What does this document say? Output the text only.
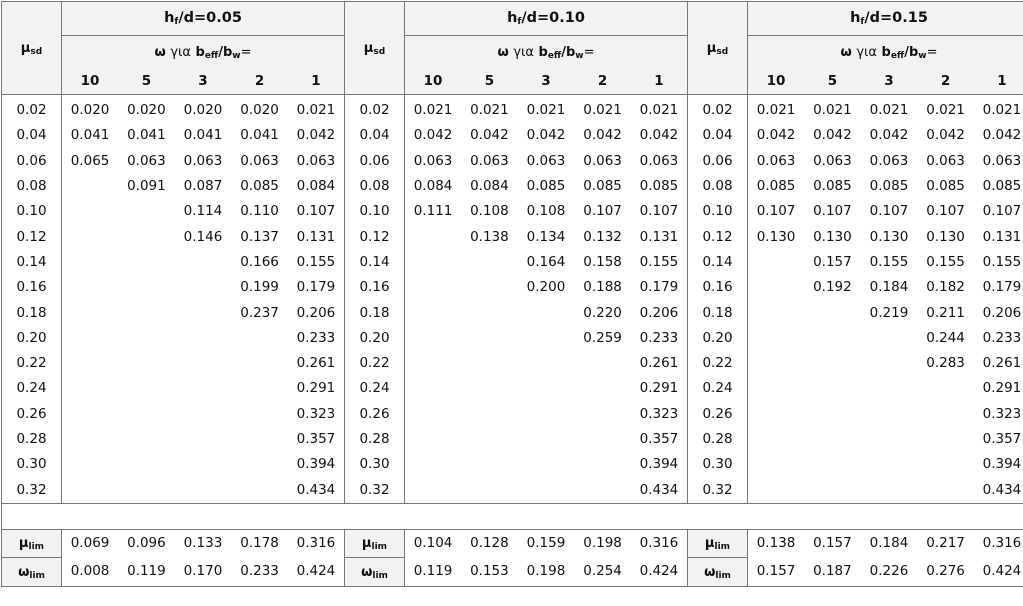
$\mu_{sd}$	$h_f/d=0.05$					$\mu_{sd}$	$h_f/d=0.10$					$\mu_{sd}$	$h_f/d=0.15$				
	ω για $b_{eff}/b_w=$						ω για $b_{eff}/b_w=$						ω για $b_{eff}/b_w=$				
	10	5	3	2	1		10	5	3	2	1		10	5	3	2	1
0.02	0.020	0.020	0.020	0.020	0.021	0.02	0.021	0.021	0.021	0.021	0.021	0.02	0.021	0.021	0.021	0.021	0.021
0.04	0.041	0.041	0.041	0.041	0.042	0.04	0.042	0.042	0.042	0.042	0.042	0.04	0.042	0.042	0.042	0.042	0.042
0.06	0.065	0.063	0.063	0.063	0.063	0.06	0.063	0.063	0.063	0.063	0.063	0.06	0.063	0.063	0.063	0.063	0.063
0.08		0.091	0.087	0.085	0.084	0.08	0.084	0.084	0.085	0.085	0.085	0.08	0.085	0.085	0.085	0.085	0.085
0.10			0.114	0.110	0.107	0.10	0.111	0.108	0.108	0.107	0.107	0.10	0.107	0.107	0.107	0.107	0.107
0.12			0.146	0.137	0.131	0.12		0.138	0.134	0.132	0.131	0.12	0.130	0.130	0.130	0.130	0.131
0.14				0.166	0.155	0.14			0.164	0.158	0.155	0.14		0.157	0.155	0.155	0.155
0.16				0.199	0.179	0.16			0.200	0.188	0.179	0.16		0.192	0.184	0.182	0.179
0.18				0.237	0.206	0.18				0.220	0.206	0.18			0.219	0.211	0.206
0.20					0.233	0.20				0.259	0.233	0.20				0.244	0.233
0.22					0.261	0.22					0.261	0.22				0.283	0.261
0.24					0.291	0.24					0.291	0.24					0.291
0.26					0.323	0.26					0.323	0.26					0.323
0.28					0.357	0.28					0.357	0.28					0.357
0.30					0.394	0.30					0.394	0.30					0.394
0.32					0.434	0.32					0.434	0.32					0.434

$\mu_{lim}$	0.069	0.096	0.133	0.178	0.316	$\mu_{lim}$	0.104	0.128	0.159	0.198	0.316	$\mu_{lim}$	0.138	0.157	0.184	0.217	0.316
$\omega_{lim}$	0.008	0.119	0.170	0.233	0.424	$\omega_{lim}$	0.119	0.153	0.198	0.254	0.424	$\omega_{lim}$	0.157	0.187	0.226	0.276	0.424
